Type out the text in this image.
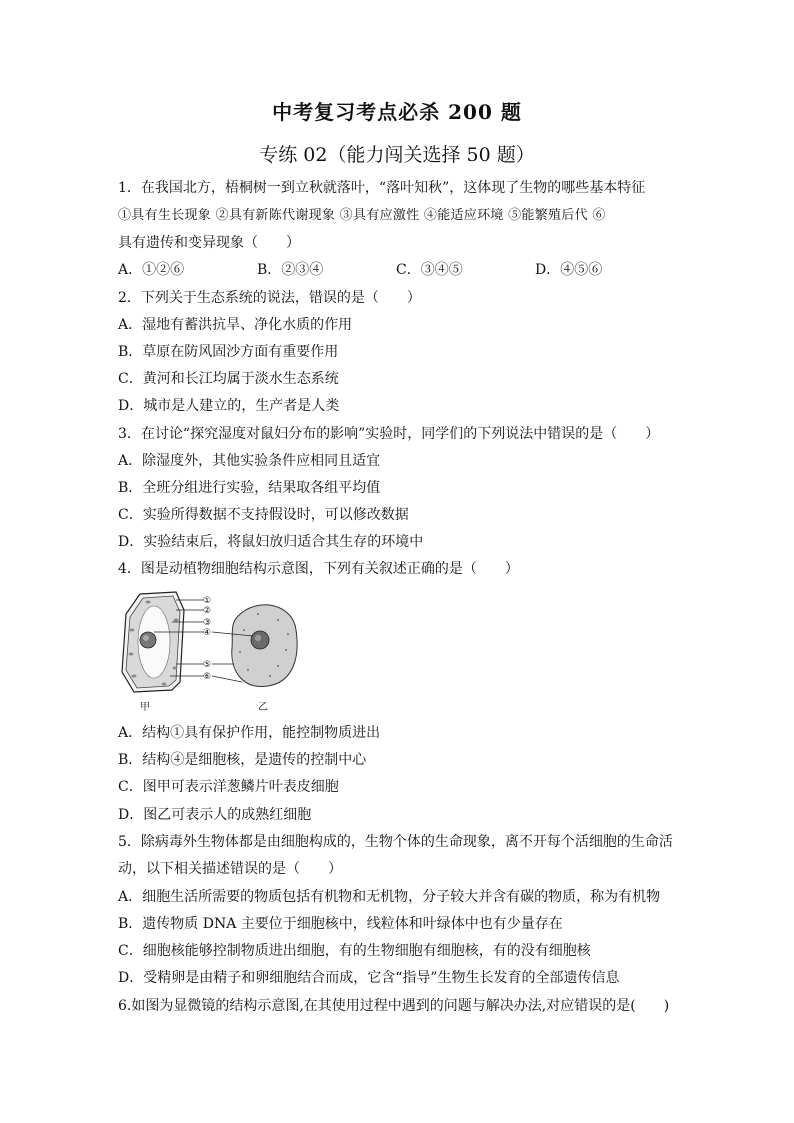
中考复习考点必杀 200 题
专练 02（能力闯关选择 50 题）
1．在我国北方，梧桐树一到立秋就落叶，“落叶知秋”，这体现了生物的哪些基本特征
①具有生长现象 ②具有新陈代谢现象 ③具有应激性 ④能适应环境 ⑤能繁殖后代 ⑥
具有遗传和变异现象（　　）
A．①②⑥	B．②③④	C．③④⑤	D．④⑤⑥
2．下列关于生态系统的说法，错误的是（　　）
A．湿地有蓄洪抗旱、净化水质的作用
B．草原在防风固沙方面有重要作用
C．黄河和长江均属于淡水生态系统
D．城市是人建立的，生产者是人类
3．在讨论“探究湿度对鼠妇分布的影响”实验时，同学们的下列说法中错误的是（　　）
A．除湿度外，其他实验条件应相同且适宜
B．全班分组进行实验，结果取各组平均值
C．实验所得数据不支持假设时，可以修改数据
D．实验结束后，将鼠妇放归适合其生存的环境中
4．图是动植物细胞结构示意图，下列有关叙述正确的是（　　）
①
②
③
④
⑤
⑥
甲	乙
A．结构①具有保护作用，能控制物质进出
B．结构④是细胞核，是遗传的控制中心
C．图甲可表示洋葱鳞片叶表皮细胞
D．图乙可表示人的成熟红细胞
5．除病毒外生物体都是由细胞构成的，生物个体的生命现象，离不开每个活细胞的生命活
动，以下相关描述错误的是（　　）
A．细胞生活所需要的物质包括有机物和无机物，分子较大并含有碳的物质，称为有机物
B．遗传物质 DNA 主要位于细胞核中，线粒体和叶绿体中也有少量存在
C．细胞核能够控制物质进出细胞，有的生物细胞有细胞核，有的没有细胞核
D．受精卵是由精子和卵细胞结合而成，它含“指导”生物生长发育的全部遗传信息
6.如图为显微镜的结构示意图,在其使用过程中遇到的问题与解决办法,对应错误的是(　　)
